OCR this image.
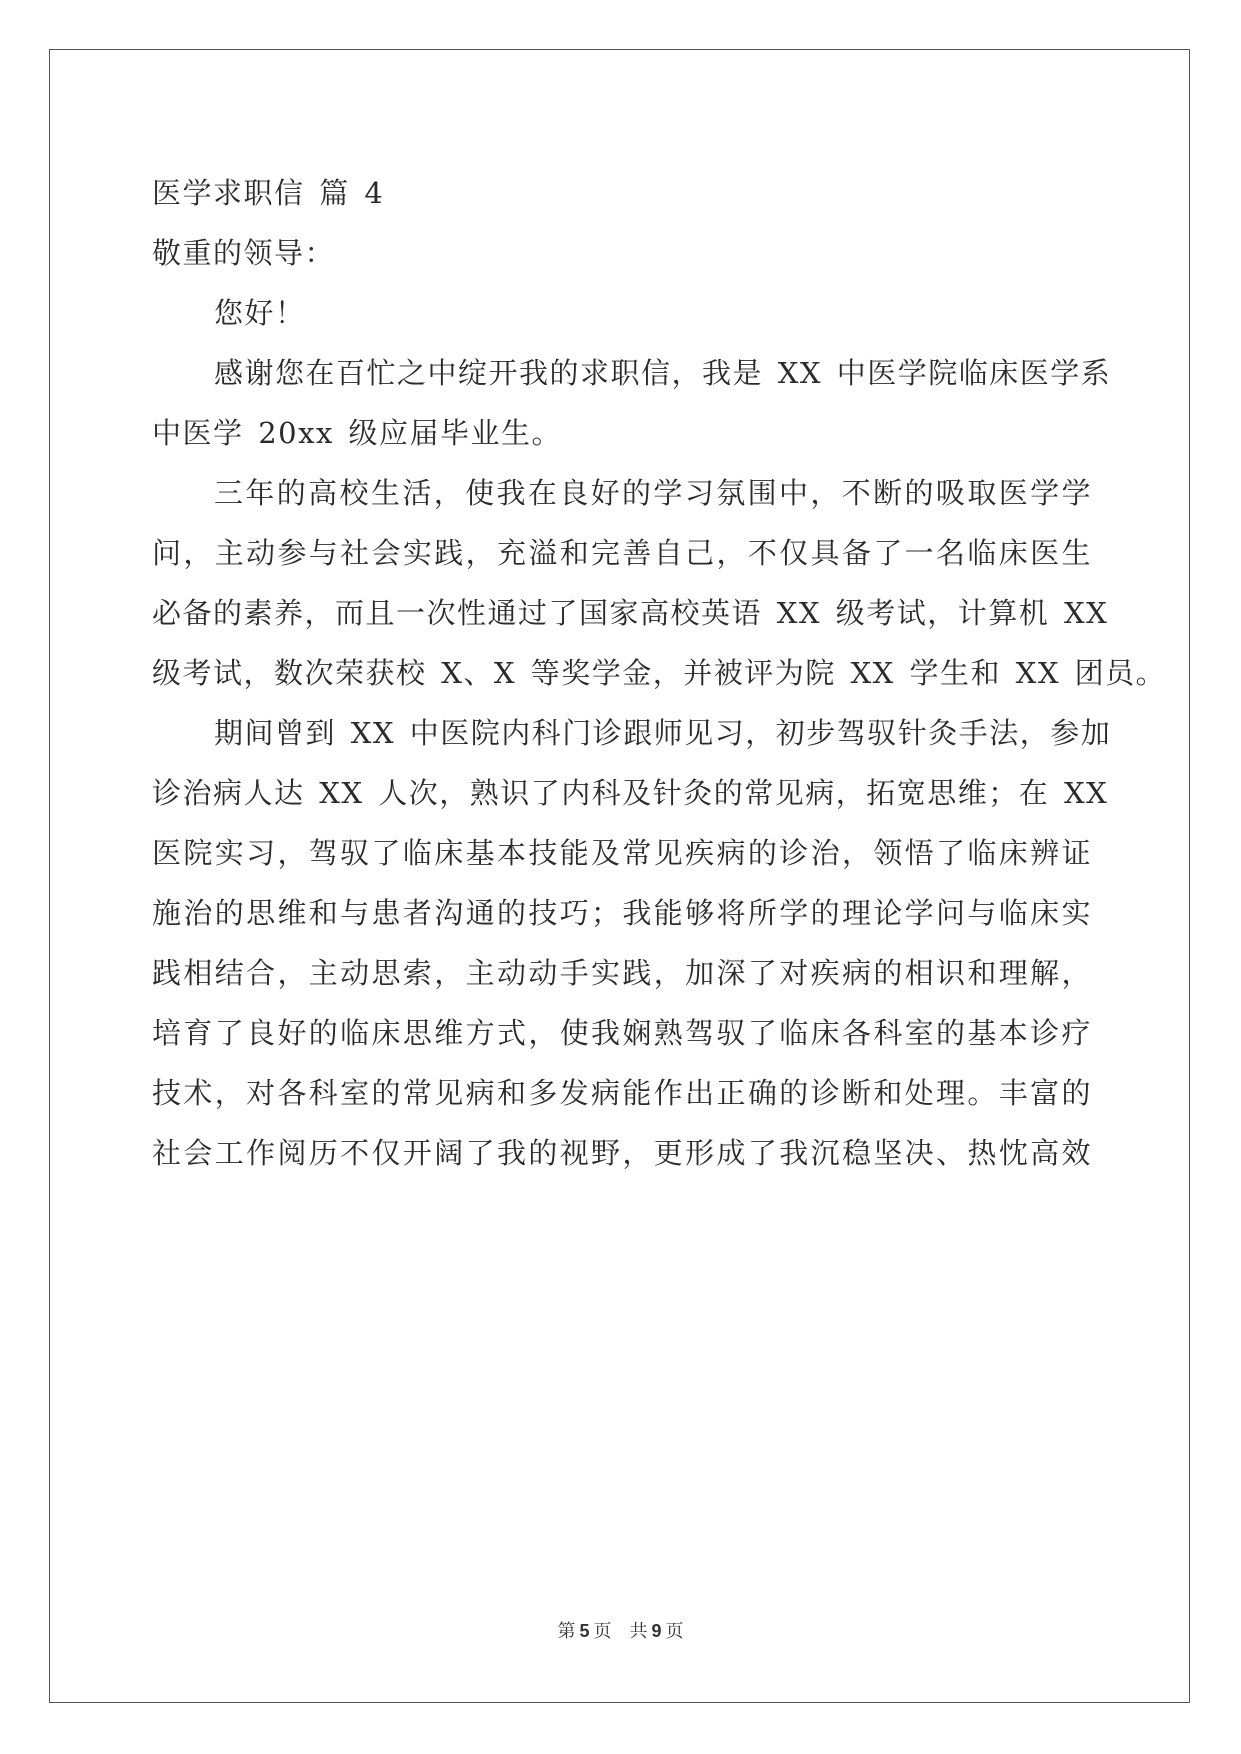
医学求职信 篇 4

敬重的领导：

您好！

感谢您在百忙之中绽开我的求职信，我是 XX 中医学院临床医学系

中医学 20xx 级应届毕业生。

三年的高校生活，使我在良好的学习氛围中，不断的吸取医学学

问，主动参与社会实践，充溢和完善自己，不仅具备了一名临床医生

必备的素养，而且一次性通过了国家高校英语 XX 级考试，计算机 XX

级考试，数次荣获校 X、X 等奖学金，并被评为院 XX 学生和 XX 团员。

期间曾到 XX 中医院内科门诊跟师见习，初步驾驭针灸手法，参加

诊治病人达 XX 人次，熟识了内科及针灸的常见病，拓宽思维；在 XX

医院实习，驾驭了临床基本技能及常见疾病的诊治，领悟了临床辨证

施治的思维和与患者沟通的技巧；我能够将所学的理论学问与临床实

践相结合，主动思索，主动动手实践，加深了对疾病的相识和理解，

培育了良好的临床思维方式，使我娴熟驾驭了临床各科室的基本诊疗

技术，对各科室的常见病和多发病能作出正确的诊断和处理。丰富的

社会工作阅历不仅开阔了我的视野，更形成了我沉稳坚决、热忱高效

第 5 页 共 9 页
